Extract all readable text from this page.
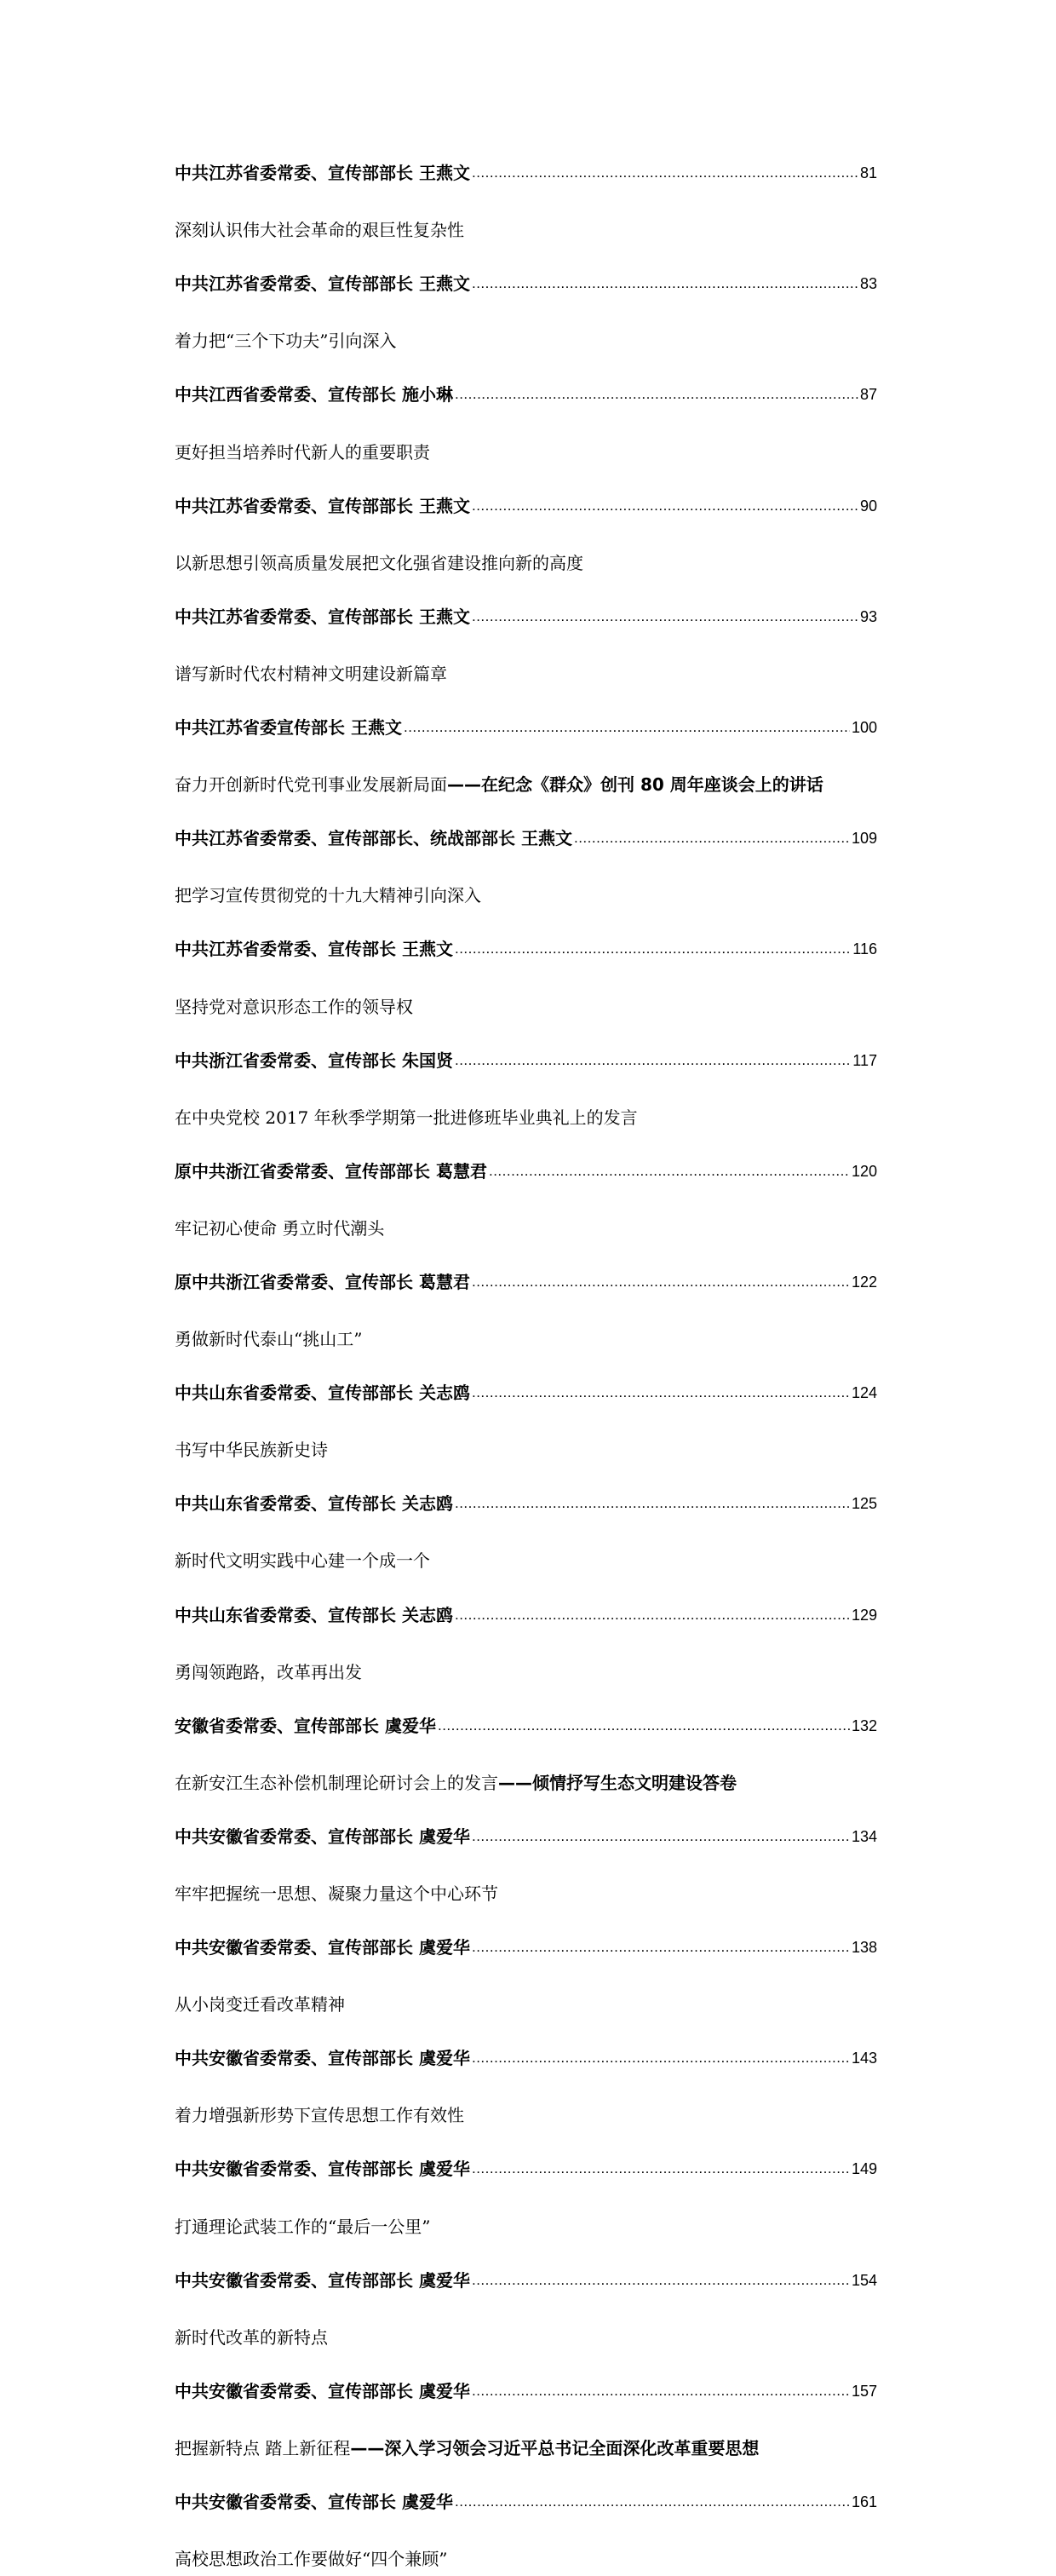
中共江苏省委常委、宣传部部长 王燕文 .....	81
深刻认识伟大社会革命的艰巨性复杂性
中共江苏省委常委、宣传部部长 王燕文 .....	83
着力把“三个下功夫”引向深入
中共江西省委常委、宣传部长 施小琳 .....	87
更好担当培养时代新人的重要职责
中共江苏省委常委、宣传部部长 王燕文 .....	90
以新思想引领高质量发展把文化强省建设推向新的高度
中共江苏省委常委、宣传部部长 王燕文 .....	93
谱写新时代农村精神文明建设新篇章
中共江苏省委宣传部长 王燕文 .....	100
奋力开创新时代党刊事业发展新局面 ——在纪念《群众》创刊 80 周年座谈会上的讲话
中共江苏省委常委、宣传部部长、统战部部长 王燕文 .....	109
把学习宣传贯彻党的十九大精神引向深入
中共江苏省委常委、宣传部长 王燕文 .....	116
坚持党对意识形态工作的领导权
中共浙江省委常委、宣传部长 朱国贤 .....	117
在中央党校 2017 年秋季学期第一批进修班毕业典礼上的发言
原中共浙江省委常委、宣传部部长 葛慧君 .....	120
牢记初心使命 勇立时代潮头
原中共浙江省委常委、宣传部长 葛慧君 .....	122
勇做新时代泰山“挑山工”
中共山东省委常委、宣传部部长 关志鸥 .....	124
书写中华民族新史诗
中共山东省委常委、宣传部长 关志鸥 .....	125
新时代文明实践中心建一个成一个
中共山东省委常委、宣传部长 关志鸥 .....	129
勇闯领跑路，改革再出发
安徽省委常委、宣传部部长 虞爱华 .....	132
在新安江生态补偿机制理论研讨会上的发言 ——倾情抒写生态文明建设答卷
中共安徽省委常委、宣传部部长 虞爱华 .....	134
牢牢把握统一思想、凝聚力量这个中心环节
中共安徽省委常委、宣传部部长 虞爱华 .....	138
从小岗变迁看改革精神
中共安徽省委常委、宣传部部长 虞爱华 .....	143
着力增强新形势下宣传思想工作有效性
中共安徽省委常委、宣传部部长 虞爱华 .....	149
打通理论武装工作的“最后一公里”
中共安徽省委常委、宣传部部长 虞爱华 .....	154
新时代改革的新特点
中共安徽省委常委、宣传部部长 虞爱华 .....	157
把握新特点 踏上新征程 ——深入学习领会习近平总书记全面深化改革重要思想
中共安徽省委常委、宣传部长 虞爱华 .....	161
高校思想政治工作要做好“四个兼顾”
